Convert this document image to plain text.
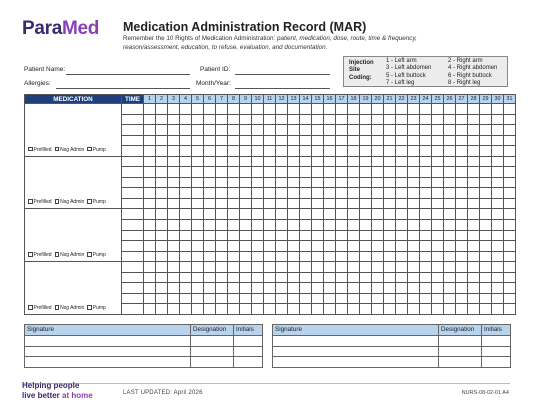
ParaMed Medication Administration Record (MAR)
Remember the 10 Rights of Medication Administration: patient, medication, dose, route, time & frequency, reason/assessment, education, to refuse, evaluation, and documentation.
Patient Name:
Allergies:
Patient ID:
Month/Year:
Injection
Site
Coding:
1 - Left arm
3 - Left abdomen
5 - Left buttock
7 - Left leg
2 - Right arm
4 - Right abdomen
6 - Right buttock
8 - Right leg
MEDICATION	TIME	1	2	3	4	5	6	7	8	9	10	11	12	13	14	15	16	17	18	19	20	21	22	23	24	25	26	27	28	29	30	31
Prefilled Nsg Admin Pump																																

Prefilled Nsg Admin Pump																																

Prefilled Nsg Admin Pump																																

Prefilled Nsg Admin Pump																																

Signature	Designation	Initials

			Signature	Designation	Initials

Helping people
live better at home	LAST UPDATED: April 2026	NURS-08-02-01 A4
